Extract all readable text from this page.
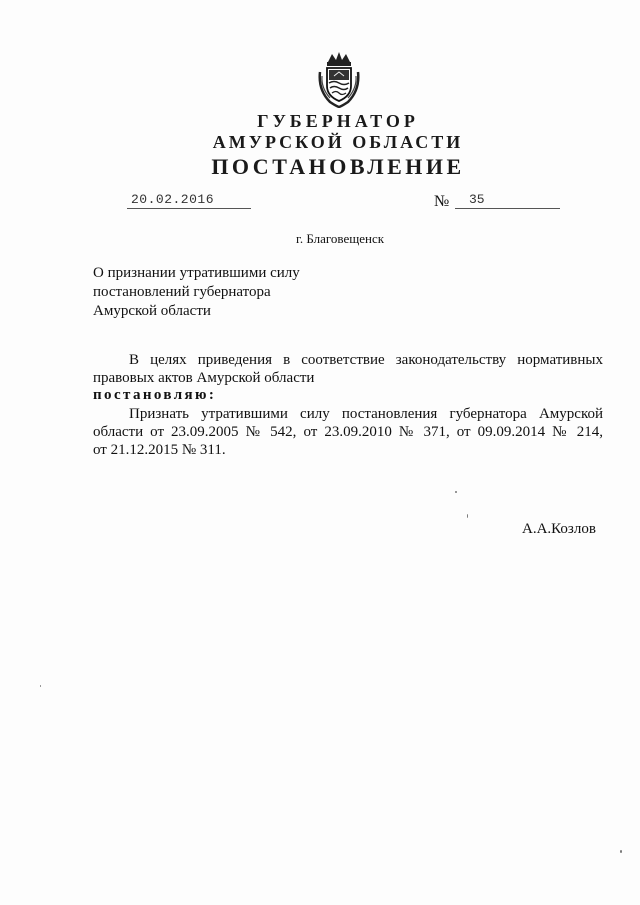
ГУБЕРНАТОР
АМУРСКОЙ ОБЛАСТИ
ПОСТАНОВЛЕНИЕ
20.02.2016	№	35
г. Благовещенск
О признании утратившими силу
постановлений губернатора
Амурской области
В целях приведения в соответствие законодательству нормативных
правовых актов Амурской области
постановляю:
Признать утратившими силу постановления губернатора Амурской
области от 23.09.2005 № 542, от 23.09.2010 № 371, от 09.09.2014 № 214,
от 21.12.2015 № 311.
А.А.Козлов
